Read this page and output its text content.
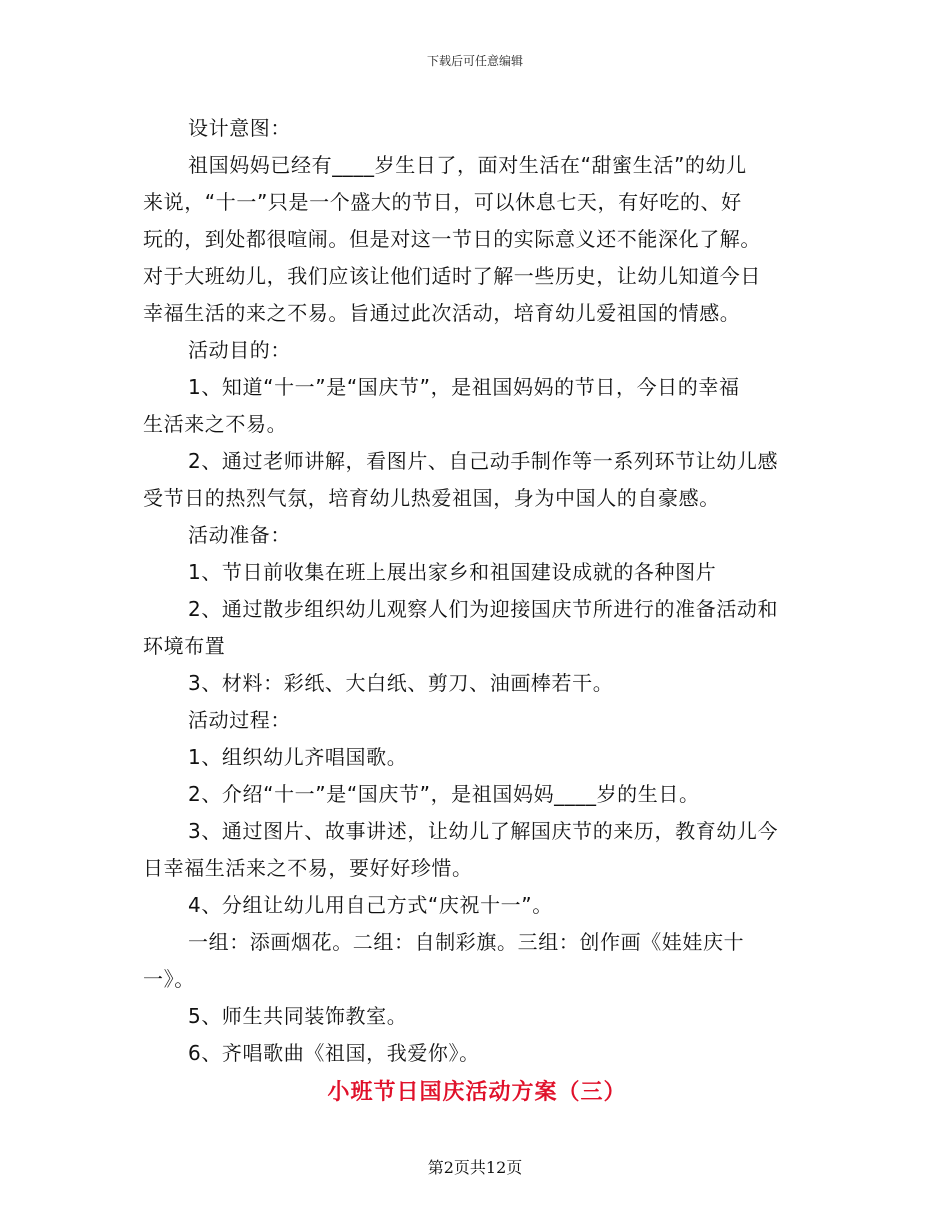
下载后可任意编辑
设计意图：
祖国妈妈已经有____岁生日了，面对生活在“甜蜜生活”的幼儿
来说，“十一”只是一个盛大的节日，可以休息七天，有好吃的、好
玩的，到处都很喧闹。但是对这一节日的实际意义还不能深化了解。
对于大班幼儿，我们应该让他们适时了解一些历史，让幼儿知道今日
幸福生活的来之不易。旨通过此次活动，培育幼儿爱祖国的情感。
活动目的：
1、知道“十一”是“国庆节”，是祖国妈妈的节日，今日的幸福
生活来之不易。
2、通过老师讲解，看图片、自己动手制作等一系列环节让幼儿感
受节日的热烈气氛，培育幼儿热爱祖国，身为中国人的自豪感。
活动准备：
1、节日前收集在班上展出家乡和祖国建设成就的各种图片
2、通过散步组织幼儿观察人们为迎接国庆节所进行的准备活动和
环境布置
3、材料：彩纸、大白纸、剪刀、油画棒若干。
活动过程：
1、组织幼儿齐唱国歌。
2、介绍“十一”是“国庆节”，是祖国妈妈____岁的生日。
3、通过图片、故事讲述，让幼儿了解国庆节的来历，教育幼儿今
日幸福生活来之不易，要好好珍惜。
4、分组让幼儿用自己方式“庆祝十一”。
一组：添画烟花。二组：自制彩旗。三组：创作画《娃娃庆十
一》。
5、师生共同装饰教室。
6、齐唱歌曲《祖国，我爱你》。
小班节日国庆活动方案（三）
第2页共12页
